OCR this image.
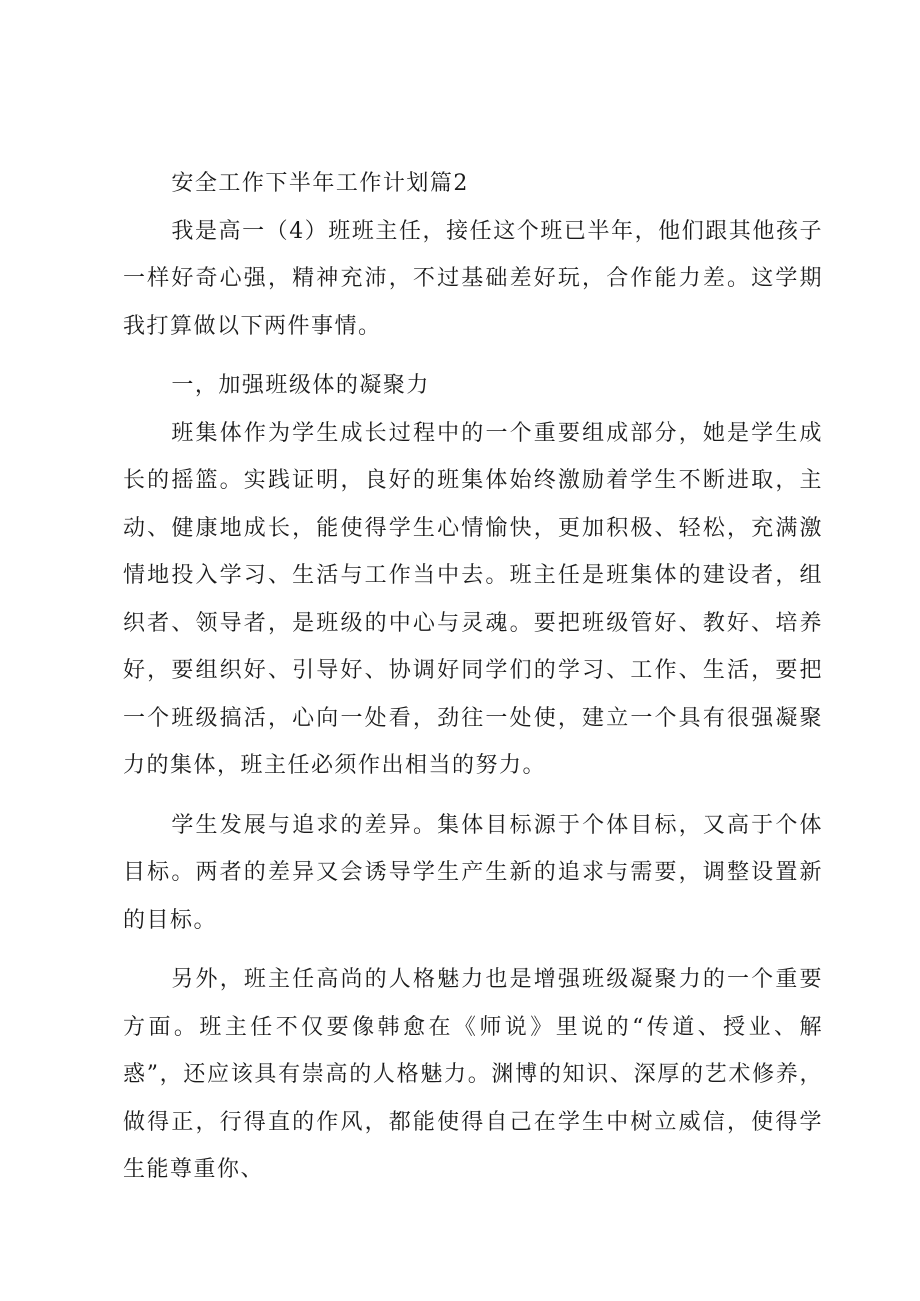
安全工作下半年工作计划篇2

我是高一（4）班班主任，接任这个班已半年，他们跟其他孩子一样好奇心强，精神充沛，不过基础差好玩，合作能力差。这学期我打算做以下两件事情。

一，加强班级体的凝聚力

班集体作为学生成长过程中的一个重要组成部分，她是学生成长的摇篮。实践证明，良好的班集体始终激励着学生不断进取，主动、健康地成长，能使得学生心情愉快，更加积极、轻松，充满激情地投入学习、生活与工作当中去。班主任是班集体的建设者，组织者、领导者，是班级的中心与灵魂。要把班级管好、教好、培养好，要组织好、引导好、协调好同学们的学习、工作、生活，要把一个班级搞活，心向一处看，劲往一处使，建立一个具有很强凝聚力的集体，班主任必须作出相当的努力。

学生发展与追求的差异。集体目标源于个体目标，又高于个体目标。两者的差异又会诱导学生产生新的追求与需要，调整设置新的目标。

另外，班主任高尚的人格魅力也是增强班级凝聚力的一个重要方面。班主任不仅要像韩愈在《师说》里说的“传道、授业、解惑”，还应该具有崇高的人格魅力。渊博的知识、深厚的艺术修养，做得正，行得直的作风，都能使得自己在学生中树立威信，使得学生能尊重你、
